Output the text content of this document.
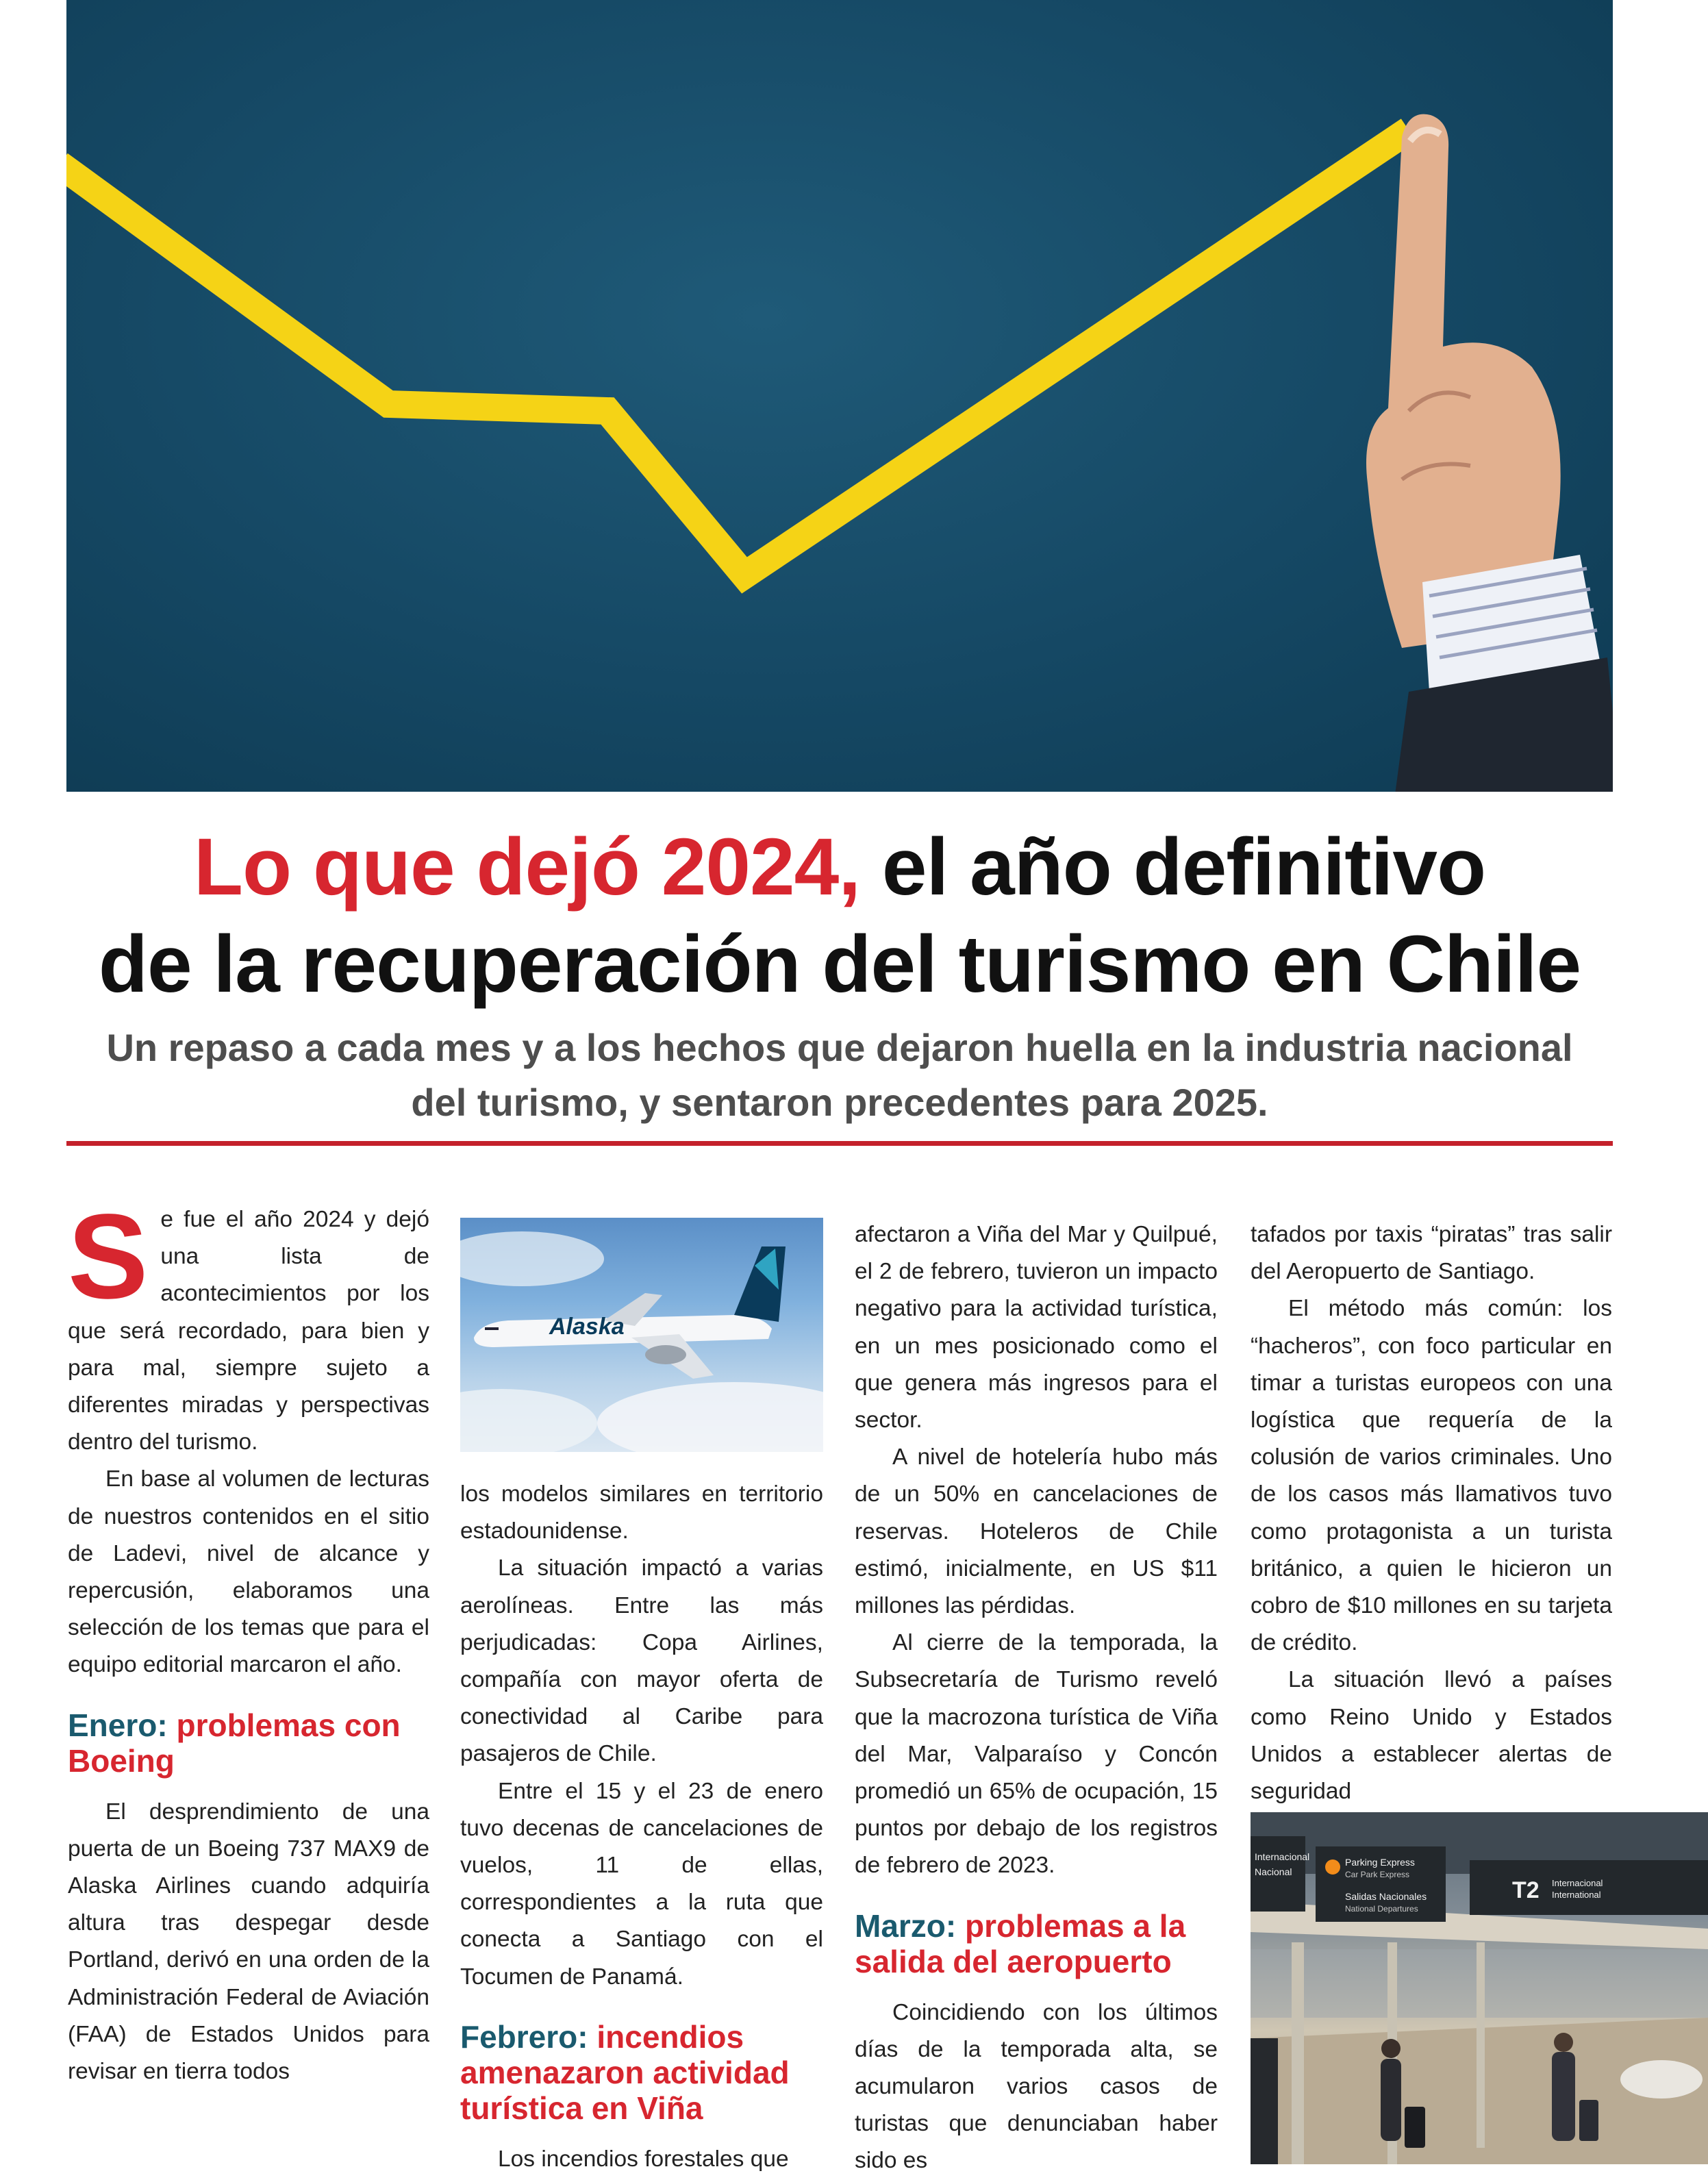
Lo que dejó 2024, el año definitivo
de la recuperación del turismo en Chile
Un repaso a cada mes y a los hechos que dejaron huella en la industria nacional
del turismo, y sentaron precedentes para 2025.

Se fue el año 2024 y dejó una lista de acontecimientos por los que será recordado, para bien y para mal, siempre sujeto a diferentes miradas y perspectivas dentro del turismo.

En base al volumen de lecturas de nuestros contenidos en el sitio de Ladevi, nivel de alcance y repercusión, elaboramos una selección de los temas que para el equipo editorial marcaron el año.

Enero: problemas con Boeing

El desprendimiento de una puerta de un Boeing 737 MAX9 de Alaska Airlines cuando adquiría altura tras despegar desde Portland, derivó en una orden de la Administración Federal de Aviación (FAA) de Estados Unidos para revisar en tierra todos

Alaska

los modelos similares en territorio estadounidense.

La situación impactó a varias aerolíneas. Entre las más perjudicadas: Copa Airlines, compañía con mayor oferta de conectividad al Caribe para pasajeros de Chile.

Entre el 15 y el 23 de enero tuvo decenas de cancelaciones de vuelos, 11 de ellas, correspondientes a la ruta que conecta a Santiago con el Tocumen de Panamá.

Febrero: incendios amenazaron actividad turística en Viña

Los incendios forestales que

afectaron a Viña del Mar y Quilpué, el 2 de febrero, tuvieron un impacto negativo para la actividad turística, en un mes posicionado como el que genera más ingresos para el sector.

A nivel de hotelería hubo más de un 50% en cancelaciones de reservas. Hoteleros de Chile estimó, inicialmente, en US $11 millones las pérdidas.

Al cierre de la temporada, la Subsecretaría de Turismo reveló que la macrozona turística de Viña del Mar, Valparaíso y Concón promedió un 65% de ocupación, 15 puntos por debajo de los registros de febrero de 2023.

Marzo: problemas a la salida del aeropuerto

Coincidiendo con los últimos días de la temporada alta, se acumularon varios casos de turistas que denunciaban haber sido es

tafados por taxis “piratas” tras salir del Aeropuerto de Santiago.

El método más común: los “hacheros”, con foco particular en timar a turistas europeos con una logística que requería de la colusión de varios criminales. Uno de los casos más llamativos tuvo como protagonista a un turista británico, a quien le hicieron un cobro de $10 millones en su tarjeta de crédito.

La situación llevó a países como Reino Unido y Estados Unidos a establecer alertas de seguridad

Internacional
Nacional
Parking Express
Car Park Express
Salidas Nacionales
National Departures
T2 Internacional
International
